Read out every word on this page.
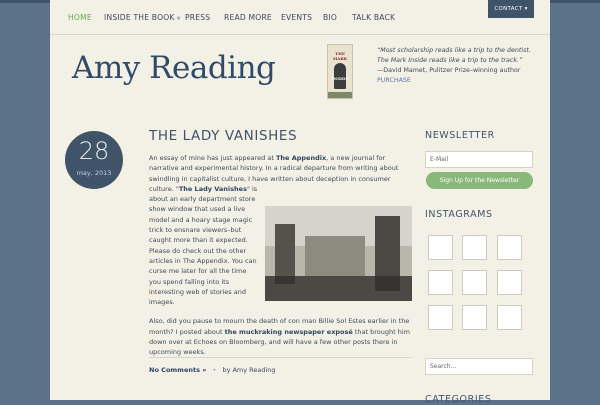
HOME INSIDE THE BOOK ▼ PRESS READ MORE EVENTS BIO TALK BACK
CONTACT ▾
Amy Reading	THE
MARK
INSIDE
“Most scholarship reads like a trip to the dentist. The Mark Inside reads like a trip to the track.”
—David Mamet, Pulitzer Prize–winning author
PURCHASE
28
may, 2013
THE LADY VANISHES

An essay of mine has just appeared at The Appendix, a new journal for narrative and experimental history. In a radical departure from writing about swindling in capitalist culture, I have written about deception in consumer culture. "The Lady Vanishes
" is about an early department store show window that used a live model and a hoary stage magic trick to ensnare viewers–but caught more than it expected. Please do check out the other articles in The Appendix. You can curse me later for all the time you spend falling into its interesting web of stories and images.

Also, did you pause to mourn the death of con man Billie Sol Estes earlier in the month? I posted about the muckraking newspaper exposé that brought him down over at Echoes on Bloomberg, and will have a few other posts there in upcoming weeks.

No Comments » • by Amy Reading
NEWSLETTER
E-Mail
Sign Up for the Newsletter
INSTAGRAMS
Search...
CATEGORIES
